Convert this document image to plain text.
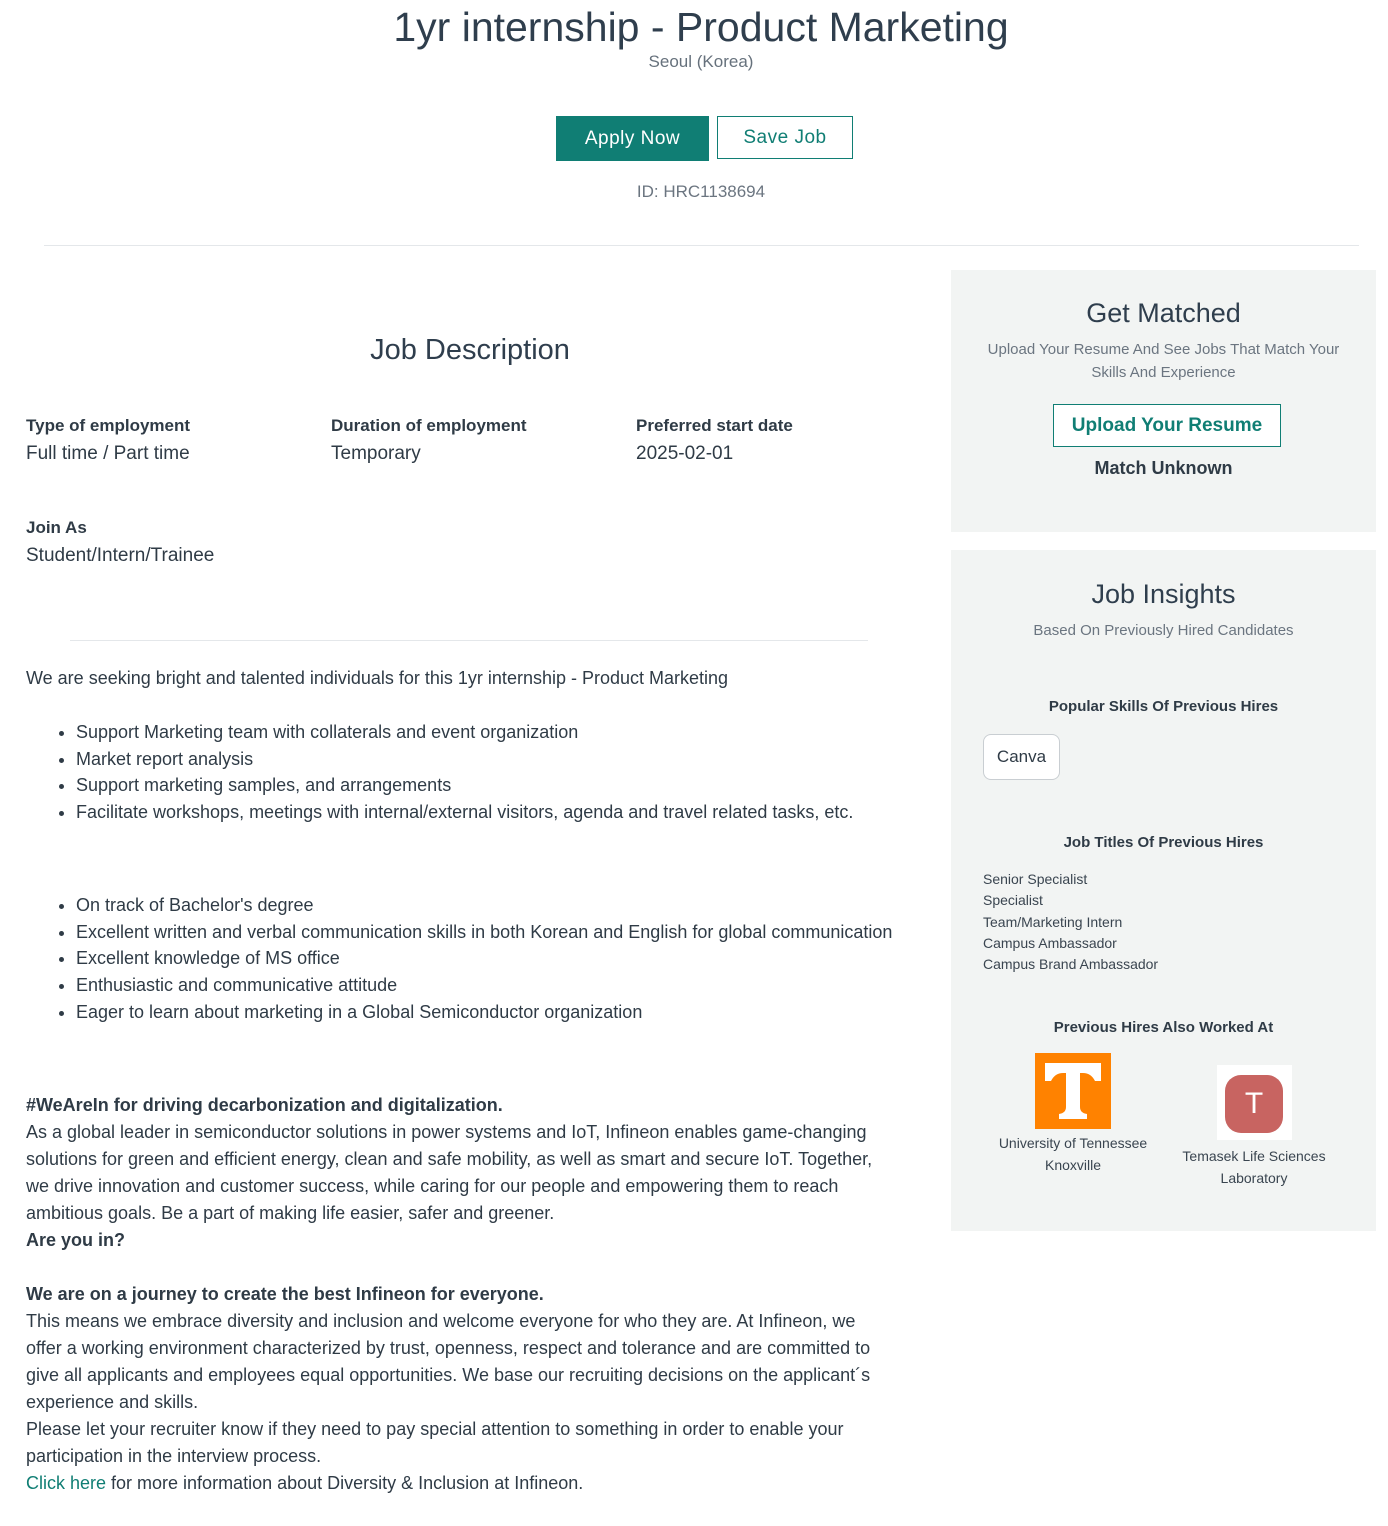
1yr internship - Product Marketing
Seoul (Korea)
Apply Now	Save Job
ID: HRC1138694
Job Description
Type of employment
Full time / Part time
Duration of employment
Temporary
Preferred start date
2025-02-01
Join As
Student/Intern/Trainee
We are seeking bright and talented individuals for this 1yr internship - Product Marketing
• Support Marketing team with collaterals and event organization
• Market report analysis
• Support marketing samples, and arrangements
• Facilitate workshops, meetings with internal/external visitors, agenda and travel related tasks, etc.
• On track of Bachelor's degree
• Excellent written and verbal communication skills in both Korean and English for global communication
• Excellent knowledge of MS office
• Enthusiastic and communicative attitude
• Eager to learn about marketing in a Global Semiconductor organization
#WeAreIn for driving decarbonization and digitalization.
As a global leader in semiconductor solutions in power systems and IoT, Infineon enables game-changing solutions for green and efficient energy, clean and safe mobility, as well as smart and secure IoT. Together, we drive innovation and customer success, while caring for our people and empowering them to reach ambitious goals. Be a part of making life easier, safer and greener.
Are you in?
We are on a journey to create the best Infineon for everyone.
This means we embrace diversity and inclusion and welcome everyone for who they are. At Infineon, we offer a working environment characterized by trust, openness, respect and tolerance and are committed to give all applicants and employees equal opportunities. We base our recruiting decisions on the applicant´s experience and skills.
Please let your recruiter know if they need to pay special attention to something in order to enable your participation in the interview process.
Click here for more information about Diversity & Inclusion at Infineon.
Get Matched
Upload Your Resume And See Jobs That Match Your
Skills And Experience
Upload Your Resume
Match Unknown
Job Insights
Based On Previously Hired Candidates
Popular Skills Of Previous Hires
Canva
Job Titles Of Previous Hires
Senior Specialist
Specialist
Team/Marketing Intern
Campus Ambassador
Campus Brand Ambassador
Previous Hires Also Worked At
University of Tennessee
Knoxville
T
Temasek Life Sciences
Laboratory
